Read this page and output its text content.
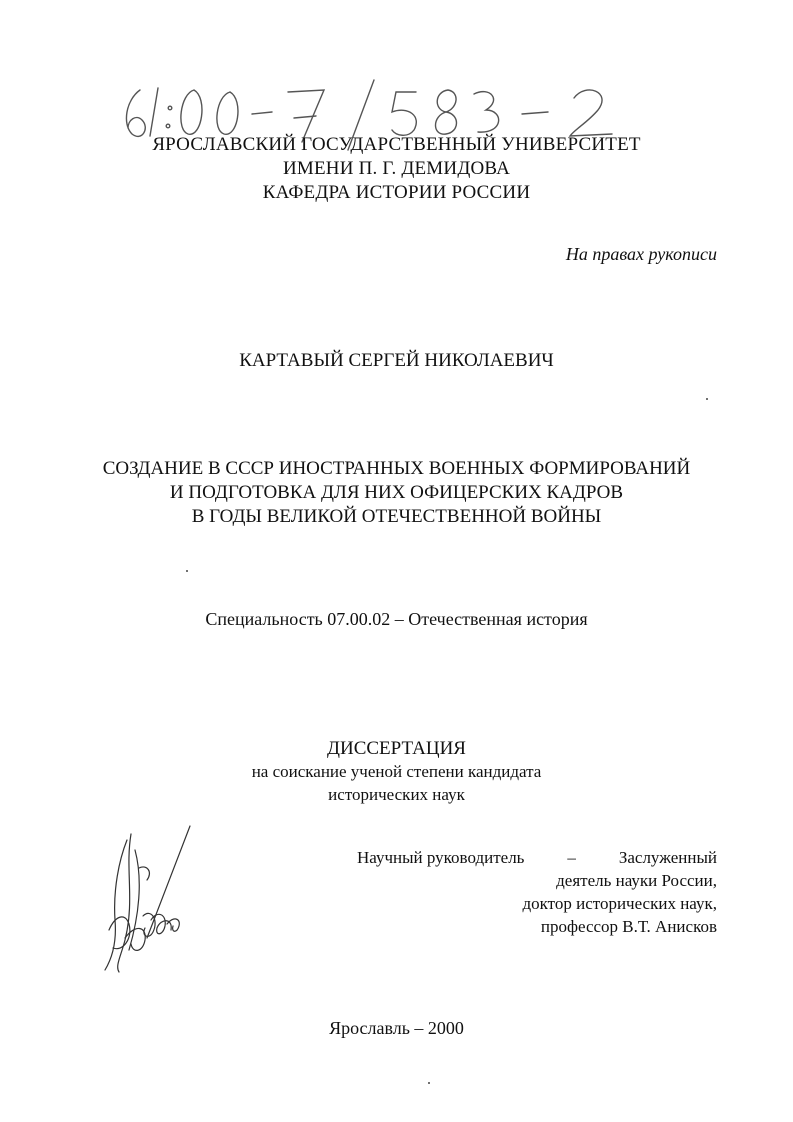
ЯРОСЛАВСКИЙ ГОСУДАРСТВЕННЫЙ УНИВЕРСИТЕТ
ИМЕНИ П. Г. ДЕМИДОВА
КАФЕДРА ИСТОРИИ РОССИИ
На правах рукописи
КАРТАВЫЙ СЕРГЕЙ НИКОЛАЕВИЧ
СОЗДАНИЕ В СССР ИНОСТРАННЫХ ВОЕННЫХ ФОРМИРОВАНИЙ
И ПОДГОТОВКА ДЛЯ НИХ ОФИЦЕРСКИХ КАДРОВ
В ГОДЫ ВЕЛИКОЙ ОТЕЧЕСТВЕННОЙ ВОЙНЫ
Специальность 07.00.02 – Отечественная история
ДИССЕРТАЦИЯ
на соискание ученой степени кандидата
исторических наук
Научный руководитель	–	Заслуженный
деятель науки России,
доктор исторических наук,
профессор В.Т. Анисков
Ярославль – 2000
